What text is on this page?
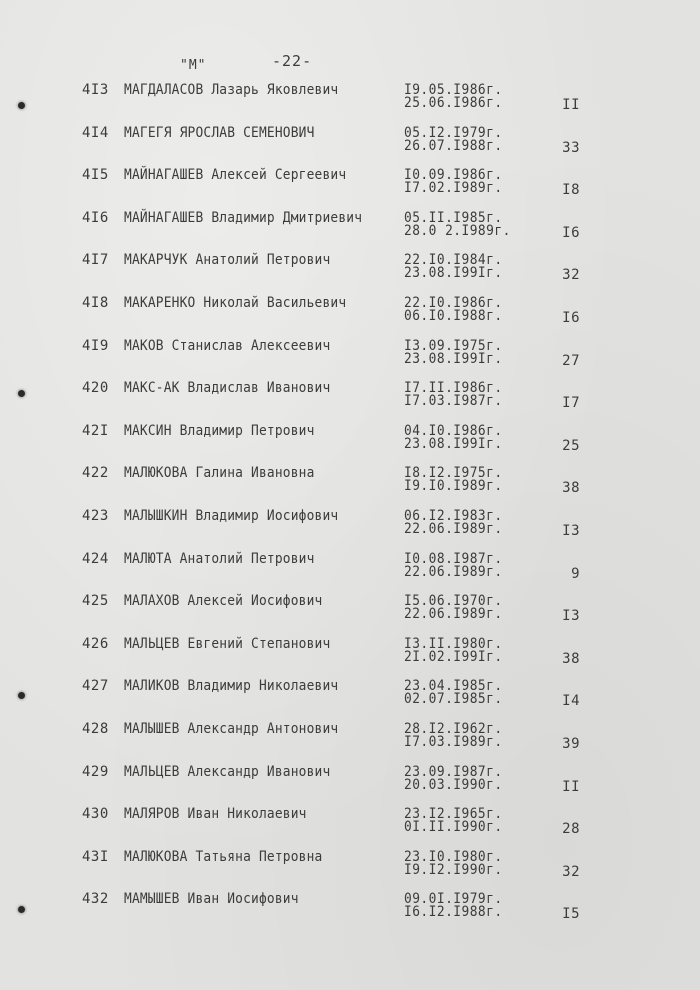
"М"	-22-
4I3 МАГДАЛАСОВ Лазарь Яковлевич	I9.05.I986г.
25.06.I986г.	II
4I4 МАГЕГЯ ЯРОСЛАВ СЕМЕНОВИЧ	05.I2.I979г.
26.07.I988г.	33
4I5 МАЙНАГАШЕВ Алексей Сергеевич	I0.09.I986г.
I7.02.I989г.	I8
4I6 МАЙНАГАШЕВ Владимир Дмитриевич	05.II.I985г.
28.0 2.I989г.	I6
4I7 МАКАРЧУК Анатолий Петрович	22.I0.I984г.
23.08.I99Iг.	32
4I8 МАКАРЕНКО Николай Васильевич	22.I0.I986г.
06.I0.I988г.	I6
4I9 МАКОВ Станислав Алексеевич	I3.09.I975г.
23.08.I99Iг.	27
420 МАКС-АК Владислав Иванович	I7.II.I986г.
I7.03.I987г.	I7
42I МАКСИН Владимир Петрович	04.I0.I986г.
23.08.I99Iг.	25
422 МАЛЮКОВА Галина Ивановна	I8.I2.I975г.
I9.I0.I989г.	38
423 МАЛЫШКИН Владимир Иосифович	06.I2.I983г.
22.06.I989г.	I3
424 МАЛЮТА Анатолий Петрович	I0.08.I987г.
22.06.I989г.	9
425 МАЛАХОВ Алексей Иосифович	I5.06.I970г.
22.06.I989г.	I3
426 МАЛЬЦЕВ Евгений Степанович	I3.II.I980г.
2I.02.I99Iг.	38
427 МАЛИКОВ Владимир Николаевич	23.04.I985г.
02.07.I985г.	I4
428 МАЛЫШЕВ Александр Антонович	28.I2.I962г.
I7.03.I989г.	39
429 МАЛЬЦЕВ Александр Иванович	23.09.I987г.
20.03.I990г.	II
430 МАЛЯРОВ Иван Николаевич	23.I2.I965г.
0I.II.I990г.	28
43I МАЛЮКОВА Татьяна Петровна	23.I0.I980г.
I9.I2.I990г.	32
432 МАМЫШЕВ Иван Иосифович	09.0I.I979г.
I6.I2.I988г.	I5
